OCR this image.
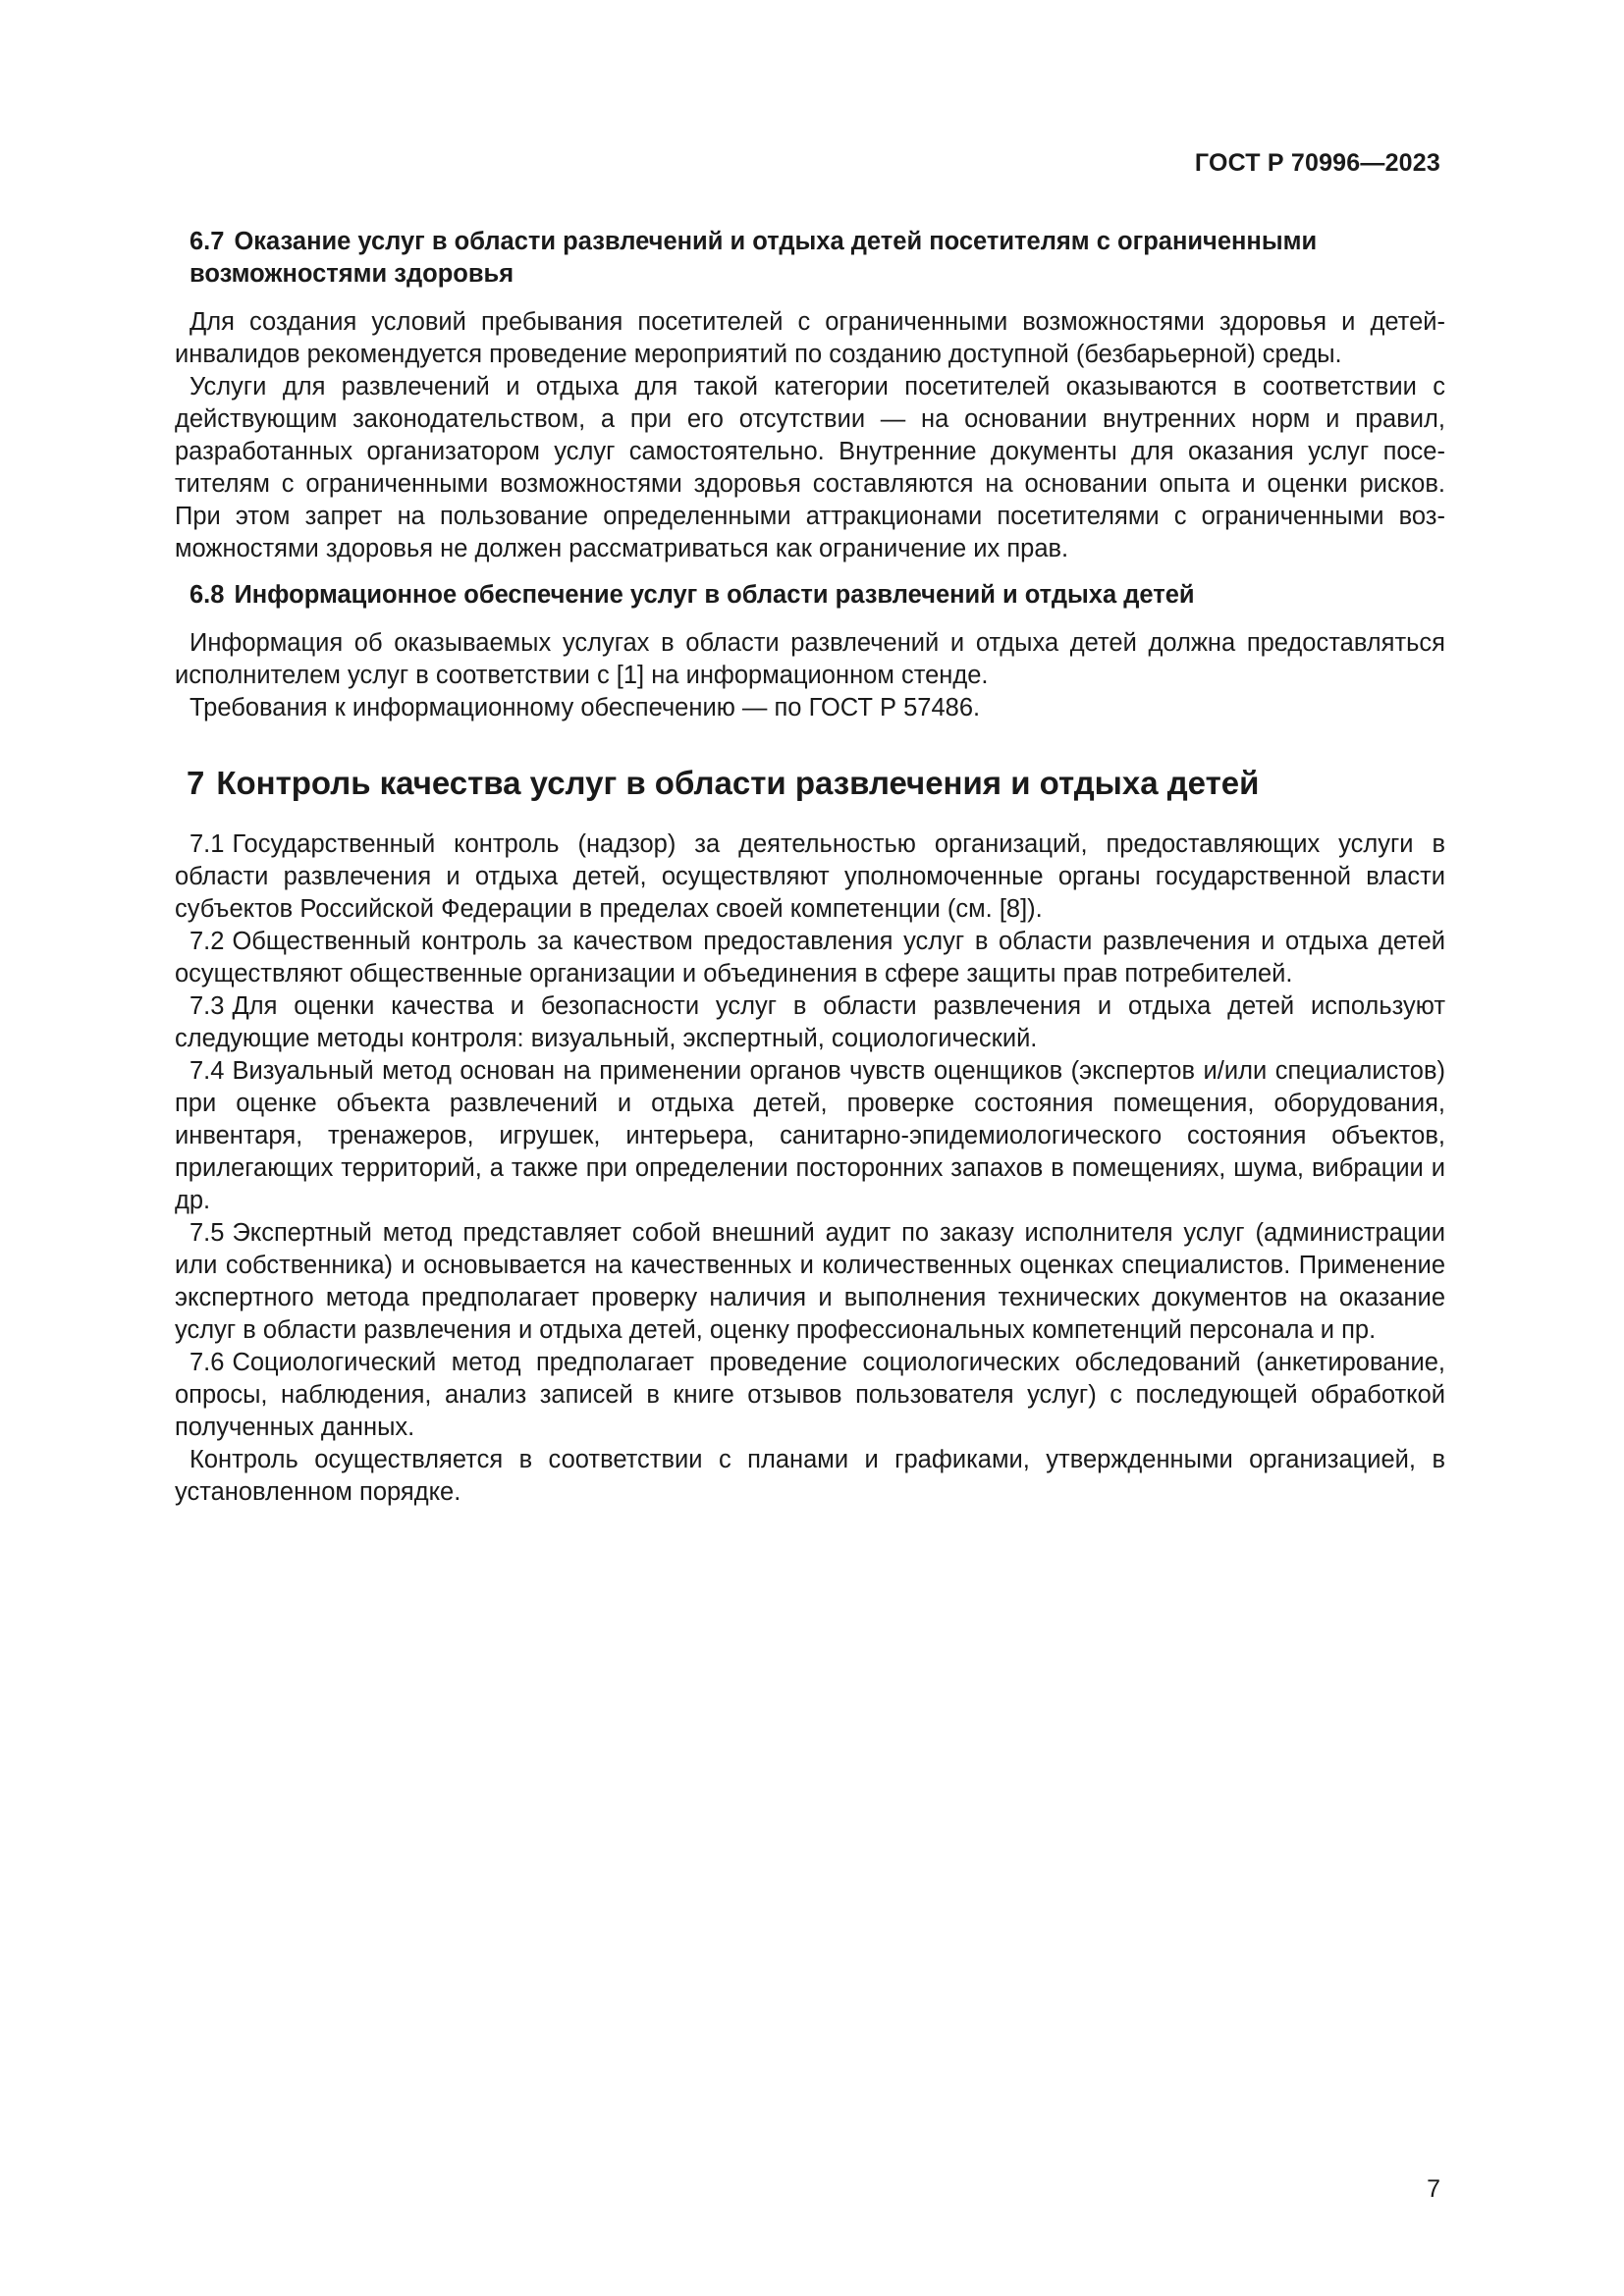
ГОСТ Р 70996—2023
6.7 Оказание услуг в области развлечений и отдыха детей посетителям с ограниченными возможностями здоровья

Для создания условий пребывания посетителей с ограниченными возможностями здоровья и детей-инвалидов рекомендуется проведение мероприятий по созданию доступной (безбарьерной) среды.

Услуги для развлечений и отдыха для такой категории посетителей оказываются в соответствии с действующим законодательством, а при его отсутствии — на основании внутренних норм и правил, разработанных организатором услуг самостоятельно. Внутренние документы для оказания услуг посетителям с ограниченными возможностями здоровья составляются на основании опыта и оценки рисков. При этом запрет на пользование определенными аттракционами посетителями с ограниченными возможностями здоровья не должен рассматриваться как ограничение их прав.

6.8 Информационное обеспечение услуг в области развлечений и отдыха детей

Информация об оказываемых услугах в области развлечений и отдыха детей должна предоставляться исполнителем услуг в соответствии с [1] на информационном стенде.

Требования к информационному обеспечению — по ГОСТ Р 57486.

7 Контроль качества услуг в области развлечения и отдыха детей

7.1 Государственный контроль (надзор) за деятельностью организаций, предоставляющих услуги в области развлечения и отдыха детей, осуществляют уполномоченные органы государственной власти субъектов Российской Федерации в пределах своей компетенции (см. [8]).

7.2 Общественный контроль за качеством предоставления услуг в области развлечения и отдыха детей осуществляют общественные организации и объединения в сфере защиты прав потребителей.

7.3 Для оценки качества и безопасности услуг в области развлечения и отдыха детей используют следующие методы контроля: визуальный, экспертный, социологический.

7.4 Визуальный метод основан на применении органов чувств оценщиков (экспертов и/или специалистов) при оценке объекта развлечений и отдыха детей, проверке состояния помещения, оборудования, инвентаря, тренажеров, игрушек, интерьера, санитарно-эпидемиологического состояния объектов, прилегающих территорий, а также при определении посторонних запахов в помещениях, шума, вибрации и др.

7.5 Экспертный метод представляет собой внешний аудит по заказу исполнителя услуг (администрации или собственника) и основывается на качественных и количественных оценках специалистов. Применение экспертного метода предполагает проверку наличия и выполнения технических документов на оказание услуг в области развлечения и отдыха детей, оценку профессиональных компетенций персонала и пр.

7.6 Социологический метод предполагает проведение социологических обследований (анкетирование, опросы, наблюдения, анализ записей в книге отзывов пользователя услуг) с последующей обработкой полученных данных.

Контроль осуществляется в соответствии с планами и графиками, утвержденными организацией, в установленном порядке.

7
